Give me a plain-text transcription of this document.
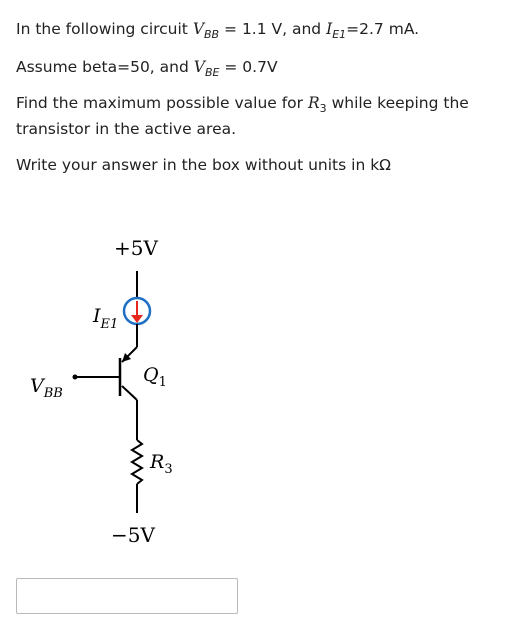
In the following circuit $V_{BB} = 1.1$ V, and $I_{E1}=2.7$ mA.
Assume beta=50, and $V_{BE} = 0.7V$
Find the maximum possible value for $R_3$ while keeping the
transistor in the active area.
Write your answer in the box without units in kΩ
+5V
$I_{E1}$
$Q_1$
$V_{BB}$
$R_3$
−5V
